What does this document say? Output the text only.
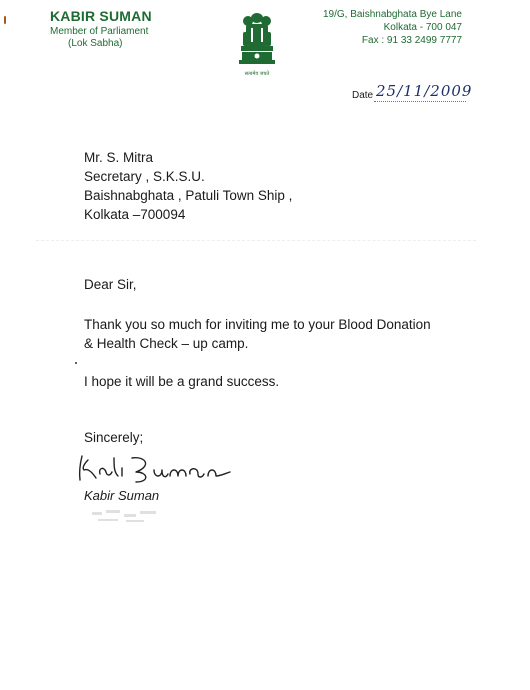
KABIR SUMAN
Member of Parliament
(Lok Sabha)
सत्यमेव जयते
19/G, Baishnabghata Bye Lane
Kolkata - 700 047
Fax : 91 33 2499 7777
Date 25/11/2009
Mr. S. Mitra
Secretary , S.K.S.U.
Baishnabghata , Patuli Town Ship ,
Kolkata –700094

Dear Sir,

Thank you so much for inviting me to your Blood Donation
& Health Check – up camp.

I hope it will be a grand success.

Sincerely;
Kabir Suman
